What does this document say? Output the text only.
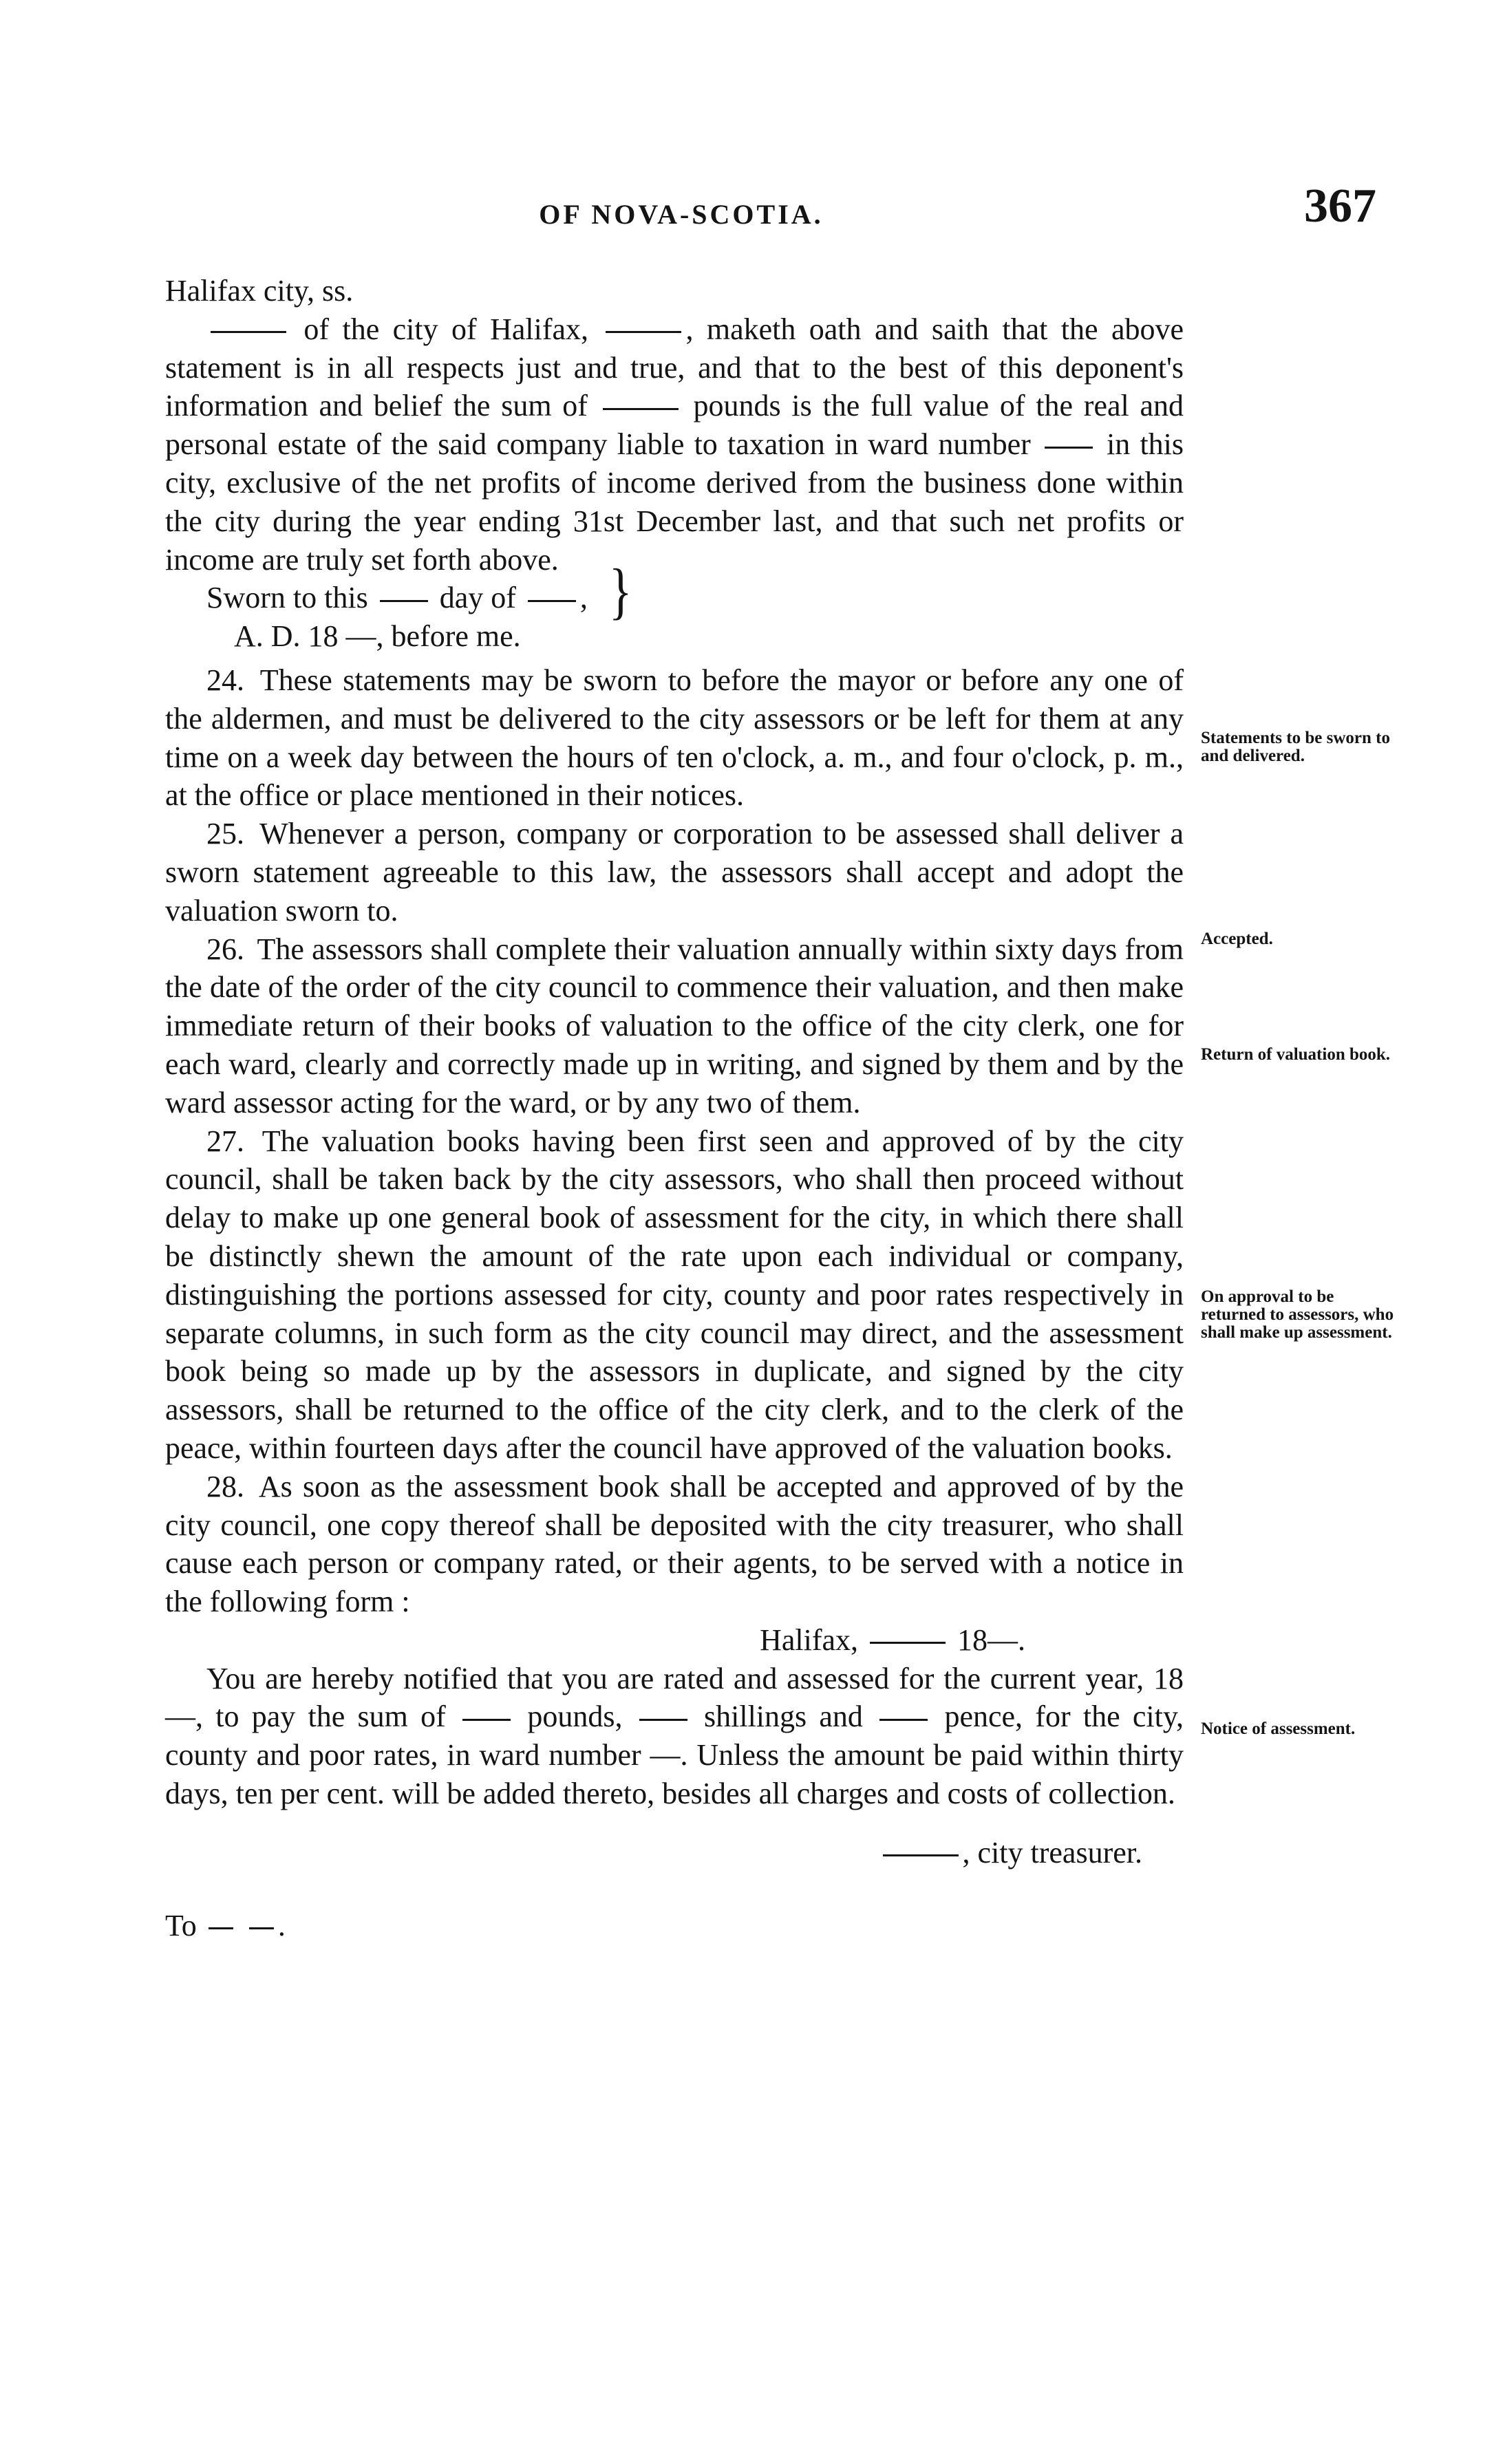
OF NOVA-SCOTIA.	367

Halifax city, ss.

of the city of Halifax,	, maketh oath and saith that the above statement is in all respects just and true, and that to the best of this deponent's information and belief the sum of	pounds is the full value of the real and personal estate of the said company liable to taxation in ward number	in this city, exclusive of the net profits of income derived from the business done within the city during the year ending 31st December last, and that such net profits or income are truly set forth above.

Sworn to this day of , }

A. D. 18 —, before me.

24. These statements may be sworn to before the mayor or before any one of the aldermen, and must be delivered to the city assessors or be left for them at any time on a week day between the hours of ten o'clock, a. m., and four o'clock, p. m., at the office or place mentioned in their notices.

25. Whenever a person, company or corporation to be assessed shall deliver a sworn statement agreeable to this law, the assessors shall accept and adopt the valuation sworn to.

26. The assessors shall complete their valuation annually within sixty days from the date of the order of the city council to commence their valuation, and then make immediate return of their books of valuation to the office of the city clerk, one for each ward, clearly and correctly made up in writing, and signed by them and by the ward assessor acting for the ward, or by any two of them.

27. The valuation books having been first seen and approved of by the city council, shall be taken back by the city assessors, who shall then proceed without delay to make up one general book of assessment for the city, in which there shall be distinctly shewn the amount of the rate upon each individual or company, distinguishing the portions assessed for city, county and poor rates respectively in separate columns, in such form as the city council may direct, and the assessment book being so made up by the assessors in duplicate, and signed by the city assessors, shall be returned to the office of the city clerk, and to the clerk of the peace, within fourteen days after the council have approved of the valuation books.

28. As soon as the assessment book shall be accepted and approved of by the city council, one copy thereof shall be deposited with the city treasurer, who shall cause each person or company rated, or their agents, to be served with a notice in the following form :

Halifax,	18—.

You are hereby notified that you are rated and assessed for the current year, 18—, to pay the sum of	pounds,	shillings and	pence, for the city, county and poor rates, in ward number —. Unless the amount be paid within thirty days, ten per cent. will be added thereto, besides all charges and costs of collection.

, city treasurer.

To	.

Statements to be sworn to and delivered.
Accepted.
Return of valuation book.
On approval to be returned to assessors, who shall make up assessment.
Notice of assessment.
